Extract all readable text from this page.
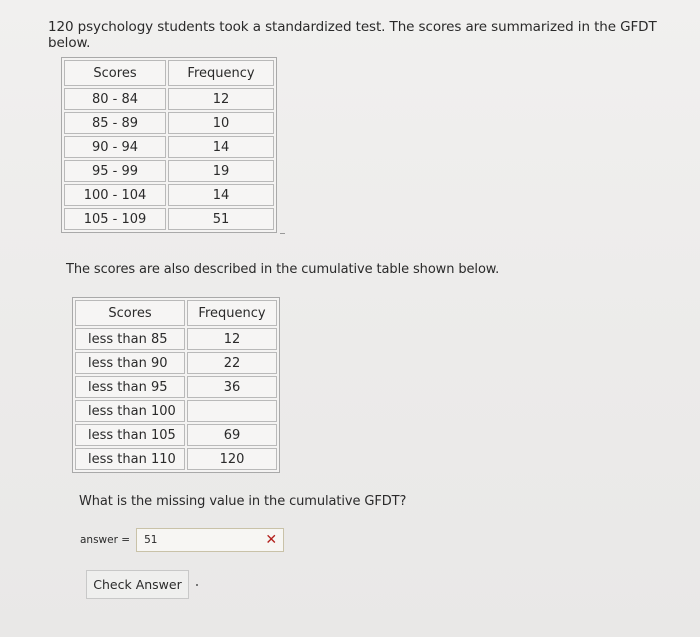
120 psychology students took a standardized test. The scores are summarized in the GFDT below.
Scores	Frequency
80 - 84	12
85 - 89	10
90 - 94	14
95 - 99	19
100 - 104	14
105 - 109	51
The scores are also described in the cumulative table shown below.
Scores	Frequency
less than 85	12
less than 90	22
less than 95	36
less than 100	
less than 105	69
less than 110	120
What is the missing value in the cumulative GFDT?
answer = 51	✕
Check Answer
